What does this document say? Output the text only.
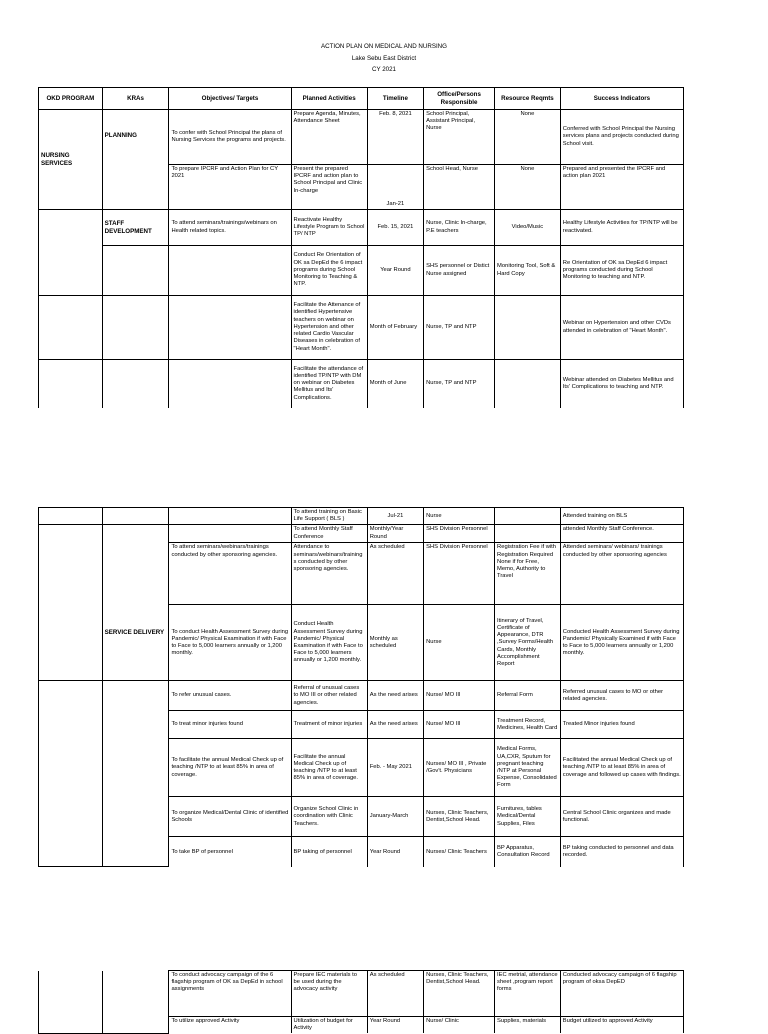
ACTION PLAN ON MEDICAL AND NURSING
Lake Sebu East District
CY 2021
OKD PROGRAM	KRAs	Objectives/ Targets	Planned Activities	Timeline	Office/Persons Responsible	Resource Reqmts	Success Indicators
NURSING SERVICES	PLANNING	To confer with School Principal the plans of Nursing Services the programs and projects.	Prepare Agenda, Minutes, Attendance Sheet	Feb. 8, 2021	School Principal, Assistant Principal, Nurse	None	Conferred with School Principal the Nursing services plans and projects conducted during School visit.
		To prepare IPCRF and Action Plan for CY 2021	Present the prepared IPCRF and action plan to School Principal and Clinic In-charge	Jan-21	School Head, Nurse	None	Prepared and presented the IPCRF and action plan 2021
	STAFF DEVELOPMENT	To attend seminars/trainings/webinars on Health related topics.	Reactivate Healthy Lifestyle Program to School TP/ NTP	Feb. 15, 2021	Nurse, Clinic In-charge, P.E teachers	Video/Music	Healthy Lifestyle Activities for TP/NTP will be reactivated.
			Conduct Re Orientation of OK sa DepEd the 6 impact programs during School Monitoring to Teaching & NTP.	Year Round	SHS personnel or Distict Nurse assigned	Monitoring Tool, Soft & Hard Copy	Re Orientation of OK sa DepEd 6 impact programs conducted during School Monitoring to teaching and NTP.
			Facilitate the Attenance of identified Hypertensive teachers on webinar on Hypertension and other related Cardio Vascular Diseases in celebration of "Heart Month".	Month of February	Nurse, TP and NTP		Webinar on Hypertension and other CVDs attended in celebration of "Heart Month".
			Facilitate the attendance of identified TP/NTP with DM on webinar on Diabetes Mellitus and Its' Complications.	Month of June	Nurse, TP and NTP		Webinar attended on Diabetes Mellitus and Its' Complications to teaching and NTP.
			To attend training on Basic Life Support ( BLS )	Jul-21	Nurse		Attended training on BLS
	SERVICE DELIVERY		To attend Monthly Staff Conference	Monthly/Year Round	SHS Division Personnel		attended Monthly Staff Conference.
		To attend seminars/webinars/trainings conducted by other sponsoring agencies.	Attendance to seminars/webinars/trainings conducted by other sponsoring agencies.	As scheduled	SHS Division Personnel	Registration Fee if with Registration Required None if for Free, Memo, Authority to Travel	Attended seminars/ webinars/ trainings conducted by other sponsoring agencies
		To conduct Health Assessment Survey during Pandemic/ Physical Examination if with Face to Face to 5,000 learners annually or 1,200 monthly.	Conduct Health Assessment Survey during Pandemic/ Physical Examination if with Face to Face to 5,000 learners annually or 1,200 monthly.	Monthly as scheduled	Nurse	Itinerary of Travel, Certificate of Appearance, DTR ,Survey Forms/Health Cards, Monthly Accomplishment Report	Conducted Health Assessment Survey during Pandemic/ Physically Examined if with Face to Face to 5,000 learners annually or 1,200 monthly.
		To refer unusual cases.	Referral of unusual cases to MO III or other related agencies.	As the need arises	Nurse/ MO III	Referral Form	Referred unusual cases to MO or other related agencies.
		To treat minor injuries found	Treatment of minor injuries	As the need arises	Nurse/ MO III	Treatment Record, Medicines, Health Card	Treated Minor injuries found
		To facilitate the annual Medical Check up of teaching /NTP to at least 85% in area of coverage.	Facilitate the annual Medical Check up of teaching /NTP to at least 85% in area of coverage.	Feb. - May 2021	Nurses/ MO III , Private /Gov't. Physicians	Medical Forms, UA,CXR, Sputum for pregnant teaching /NTP at Personal Expense, Consolidated Form	Facilitated the annual Medical Check up of teaching /NTP to at least 85% in area of coverage and followed up cases with findings.
		To organize Medical/Dental Clinic of identified Schools	Organize School Clinic in coordination with Clinic Teachers.	January-March	Nurses, Clinic Teachers, Dentist,School Head.	Furnitures, tables Medical/Dental Supplies, Files	Central School Clinic organizes and made functional.
		To take BP of personnel	BP taking of personnel	Year Round	Nurses/ Clinic Teachers	BP Apparatus, Consultation Record	BP taking conducted to personnel and data recorded.
		To conduct advocacy campaign of the 6 flagship program of OK sa DepEd in school assignments	Prepare IEC materials to be used during the advocacy activity	As scheduled	Nurses, Clinic Teachers, Dentist,School Head.	IEC metrial, attendance sheet ,program report forms	Conducted advocacy campaign of 6 flagship program of oksa DepED
		To utilize approved Activity	Utilization of budget for Activity	Year Round	Nurse/ Clinic	Supplies, materials	Budget utilized to approved Activity
